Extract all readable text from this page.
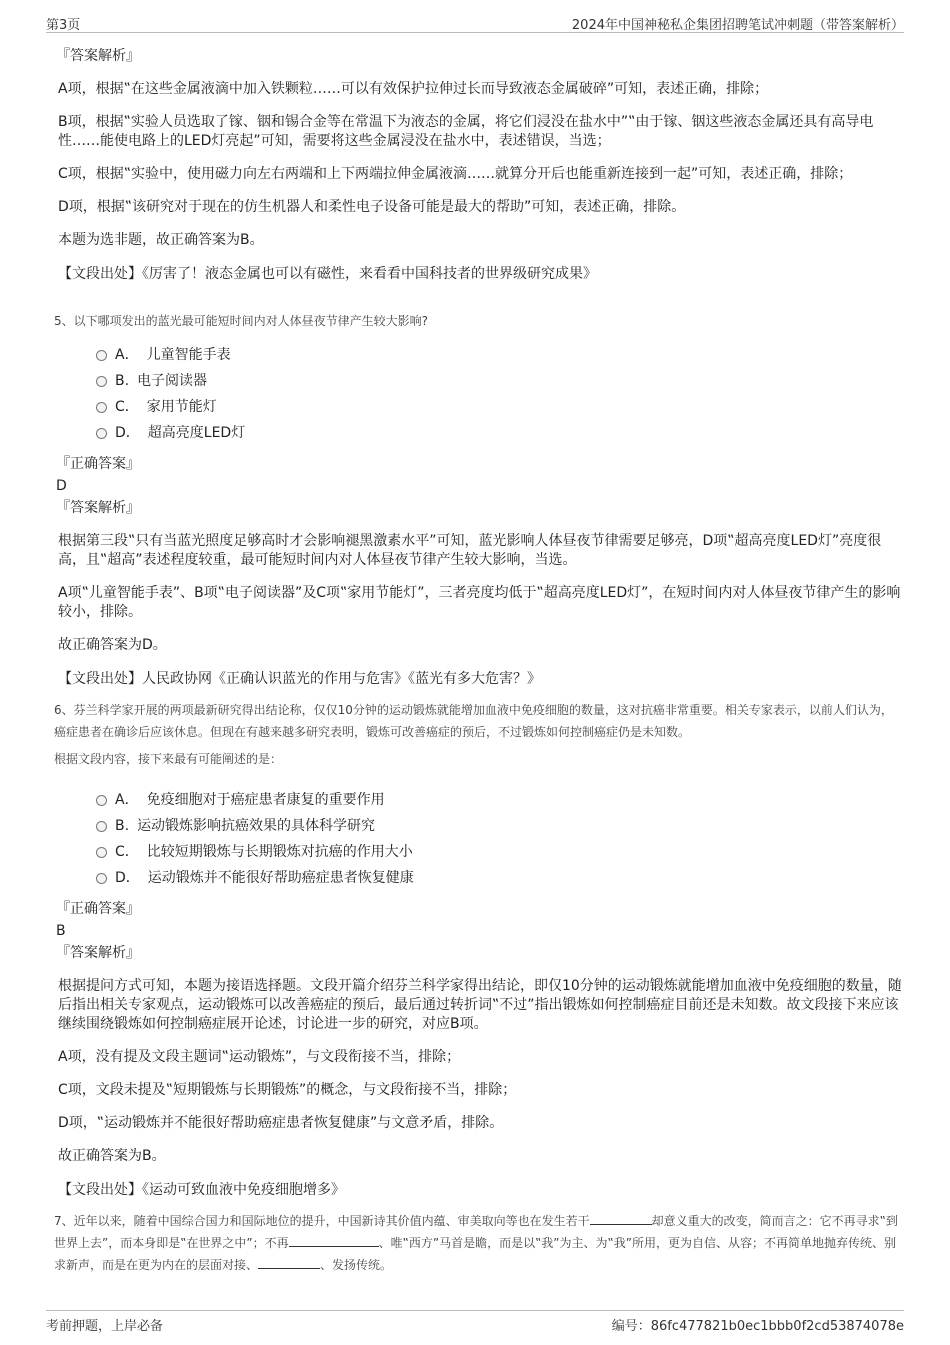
第3页	2024年中国神秘私企集团招聘笔试冲刺题（带答案解析）
『答案解析』

A项，根据‟在这些金属液滴中加入铁颗粒……可以有效保护拉伸过长而导致液态金属破碎”可知，表述正确，排除；

B项，根据‟实验人员选取了镓、铟和锡合金等在常温下为液态的金属，将它们浸没在盐水中”‟由于镓、铟这些液态金属还具有高导电性……能使电路上的LED灯亮起”可知，需要将这些金属浸没在盐水中，表述错误，当选；

C项，根据‟实验中，使用磁力向左右两端和上下两端拉伸金属液滴……就算分开后也能重新连接到一起”可知，表述正确，排除；

D项，根据‟该研究对于现在的仿生机器人和柔性电子设备可能是最大的帮助”可知，表述正确，排除。

本题为选非题，故正确答案为B。

【文段出处】《厉害了！液态金属也可以有磁性，来看看中国科技者的世界级研究成果》

5、以下哪项发出的蓝光最可能短时间内对人体昼夜节律产生较大影响?

A． 儿童智能手表
B. 电子阅读器
C． 家用节能灯
D． 超高亮度LED灯
『正确答案』
D
『答案解析』

根据第三段‟只有当蓝光照度足够高时才会影响褪黑激素水平”可知，蓝光影响人体昼夜节律需要足够亮，D项‟超高亮度LED灯”亮度很高，且‟超高”表述程度较重，最可能短时间内对人体昼夜节律产生较大影响，当选。

A项‟儿童智能手表”、B项‟电子阅读器”及C项‟家用节能灯”，三者亮度均低于‟超高亮度LED灯”，在短时间内对人体昼夜节律产生的影响较小，排除。

故正确答案为D。

【文段出处】人民政协网《正确认识蓝光的作用与危害》《蓝光有多大危害？》

6、芬兰科学家开展的两项最新研究得出结论称，仅仅10分钟的运动锻炼就能增加血液中免疫细胞的数量，这对抗癌非常重要。相关专家表示，以前人们认为，癌症患者在确诊后应该休息。但现在有越来越多研究表明，锻炼可改善癌症的预后，不过锻炼如何控制癌症仍是未知数。

根据文段内容，接下来最有可能阐述的是：

A． 免疫细胞对于癌症患者康复的重要作用
B. 运动锻炼影响抗癌效果的具体科学研究
C． 比较短期锻炼与长期锻炼对抗癌的作用大小
D． 运动锻炼并不能很好帮助癌症患者恢复健康
『正确答案』
B
『答案解析』

根据提问方式可知，本题为接语选择题。文段开篇介绍芬兰科学家得出结论，即仅10分钟的运动锻炼就能增加血液中免疫细胞的数量，随后指出相关专家观点，运动锻炼可以改善癌症的预后，最后通过转折词‟不过”指出锻炼如何控制癌症目前还是未知数。故文段接下来应该继续围绕锻炼如何控制癌症展开论述，讨论进一步的研究，对应B项。

A项，没有提及文段主题词‟运动锻炼”，与文段衔接不当，排除；

C项，文段未提及‟短期锻炼与长期锻炼”的概念，与文段衔接不当，排除；

D项，‟运动锻炼并不能很好帮助癌症患者恢复健康”与文意矛盾，排除。

故正确答案为B。

【文段出处】《运动可致血液中免疫细胞增多》

7、近年以来，随着中国综合国力和国际地位的提升，中国新诗其价值内蕴、审美取向等也在发生若干	却意义重大的改变，简而言之：它不再寻求‟到世界上去”，而本身即是‟在世界之中”；不再	、唯‟西方”马首是瞻，而是以‟我”为主、为‟我”所用，更为自信、从容；不再简单地抛弃传统、别求新声，而是在更为内在的层面对接、	、发扬传统。

考前押题，上岸必备	编号：86fc477821b0ec1bbb0f2cd53874078e
